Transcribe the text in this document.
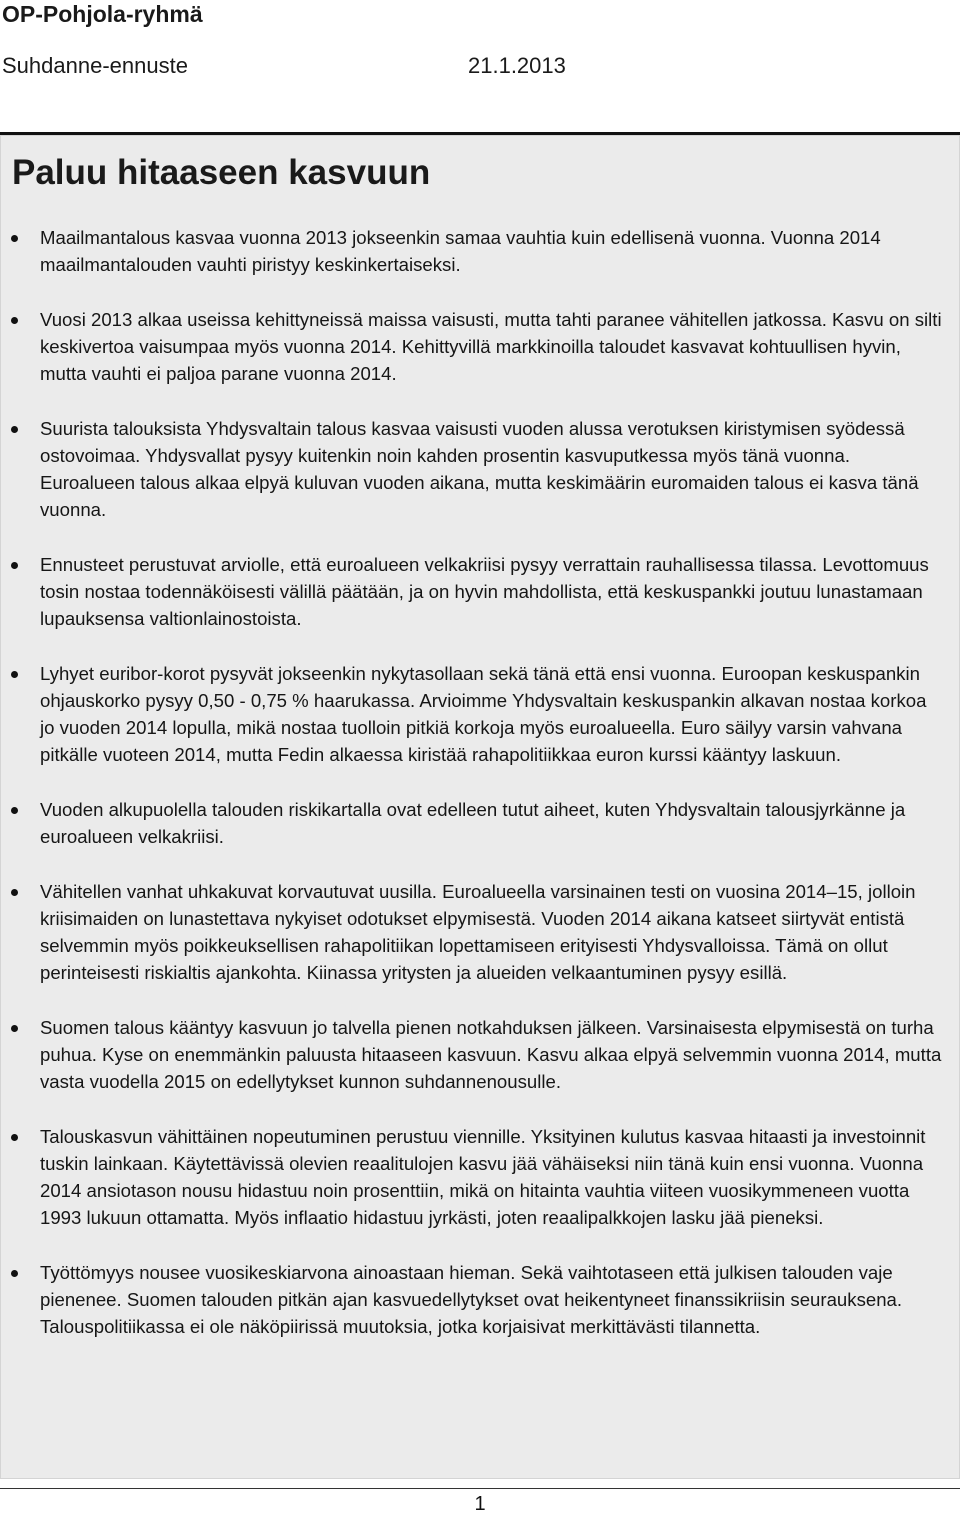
OP-Pohjola-ryhmä
Suhdanne-ennuste	21.1.2013
Paluu hitaaseen kasvuun
Maailmantalous kasvaa vuonna 2013 jokseenkin samaa vauhtia kuin edellisenä vuonna. Vuonna 2014 maailmantalouden vauhti piristyy keskinkertaiseksi.
Vuosi 2013 alkaa useissa kehittyneissä maissa vaisusti, mutta tahti paranee vähitellen jatkossa. Kasvu on silti keskivertoa vaisumpaa myös vuonna 2014. Kehittyvillä markkinoilla taloudet kasvavat kohtuullisen hyvin, mutta vauhti ei paljoa parane vuonna 2014.
Suurista talouksista Yhdysvaltain talous kasvaa vaisusti vuoden alussa verotuksen kiristymisen syödessä ostovoimaa. Yhdysvallat pysyy kuitenkin noin kahden prosentin kasvuputkessa myös tänä vuonna. Euroalueen talous alkaa elpyä kuluvan vuoden aikana, mutta keskimäärin euromaiden talous ei kasva tänä vuonna.
Ennusteet perustuvat arviolle, että euroalueen velkakriisi pysyy verrattain rauhallisessa tilassa. Levottomuus tosin nostaa todennäköisesti välillä päätään, ja on hyvin mahdollista, että keskuspankki joutuu lunastamaan lupauksensa valtionlainostoista.
Lyhyet euribor-korot pysyvät jokseenkin nykytasollaan sekä tänä että ensi vuonna. Euroopan keskuspankin ohjauskorko pysyy 0,50 - 0,75 % haarukassa. Arvioimme Yhdysvaltain keskuspankin alkavan nostaa korkoa jo vuoden 2014 lopulla, mikä nostaa tuolloin pitkiä korkoja myös euroalueella. Euro säilyy varsin vahvana pitkälle vuoteen 2014, mutta Fedin alkaessa kiristää rahapolitiikkaa euron kurssi kääntyy laskuun.
Vuoden alkupuolella talouden riskikartalla ovat edelleen tutut aiheet, kuten Yhdysvaltain talousjyrkänne ja euroalueen velkakriisi.
Vähitellen vanhat uhkakuvat korvautuvat uusilla. Euroalueella varsinainen testi on vuosina 2014–15, jolloin kriisimaiden on lunastettava nykyiset odotukset elpymisestä. Vuoden 2014 aikana katseet siirtyvät entistä selvemmin myös poikkeuksellisen rahapolitiikan lopettamiseen erityisesti Yhdysvalloissa. Tämä on ollut perinteisesti riskialtis ajankohta. Kiinassa yritysten ja alueiden velkaantuminen pysyy esillä.
Suomen talous kääntyy kasvuun jo talvella pienen notkahduksen jälkeen. Varsinaisesta elpymisestä on turha puhua. Kyse on enemmänkin paluusta hitaaseen kasvuun. Kasvu alkaa elpyä selvemmin vuonna 2014, mutta vasta vuodella 2015 on edellytykset kunnon suhdannenousulle.
Talouskasvun vähittäinen nopeutuminen perustuu viennille. Yksityinen kulutus kasvaa hitaasti ja investoinnit tuskin lainkaan. Käytettävissä olevien reaalitulojen kasvu jää vähäiseksi niin tänä kuin ensi vuonna. Vuonna 2014 ansiotason nousu hidastuu noin prosenttiin, mikä on hitainta vauhtia viiteen vuosikymmeneen vuotta 1993 lukuun ottamatta. Myös inflaatio hidastuu jyrkästi, joten reaalipalkkojen lasku jää pieneksi.
Työttömyys nousee vuosikeskiarvona ainoastaan hieman. Sekä vaihtotaseen että julkisen talouden vaje pienenee. Suomen talouden pitkän ajan kasvuedellytykset ovat heikentyneet finanssikriisin seurauksena. Talouspolitiikassa ei ole näköpiirissä muutoksia, jotka korjaisivat merkittävästi tilannetta.
1
